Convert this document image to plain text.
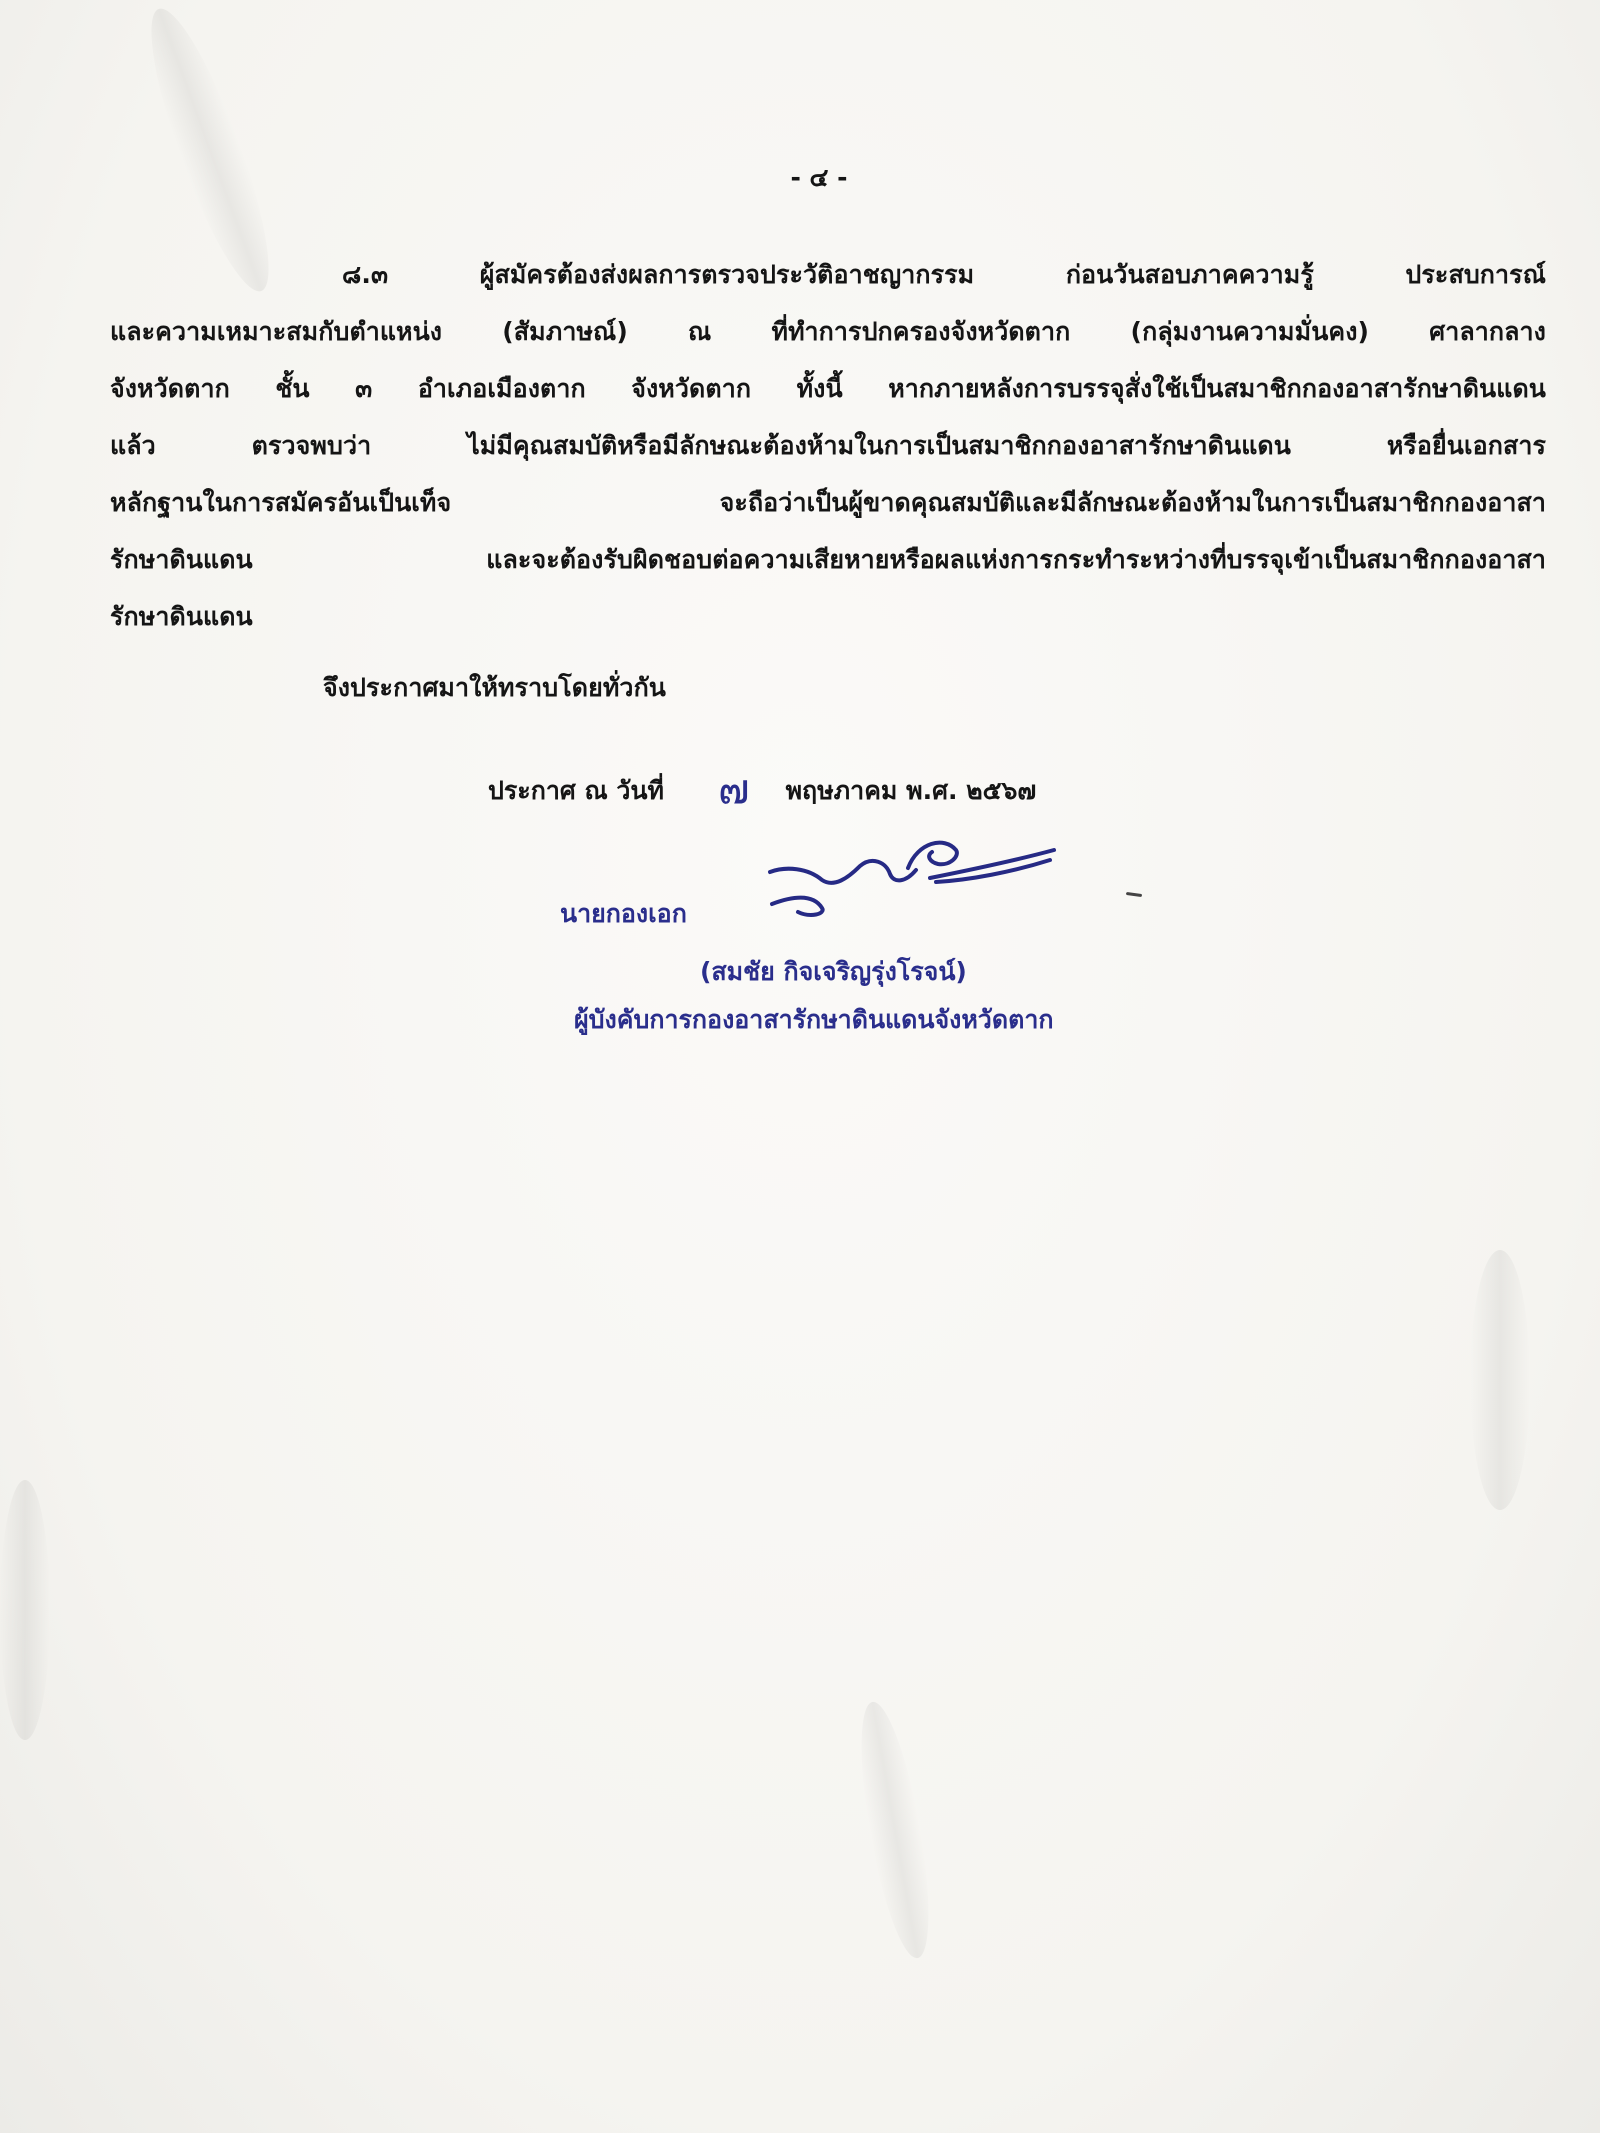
- ๔ -
๘.๓ ผู้สมัครต้องส่งผลการตรวจประวัติอาชญากรรม ก่อนวันสอบภาคความรู้ ประสบการณ์
และความเหมาะสมกับตำแหน่ง (สัมภาษณ์) ณ ที่ทำการปกครองจังหวัดตาก (กลุ่มงานความมั่นคง) ศาลากลาง
จังหวัดตาก ชั้น ๓ อำเภอเมืองตาก จังหวัดตาก ทั้งนี้ หากภายหลังการบรรจุสั่งใช้เป็นสมาชิกกองอาสารักษาดินแดน
แล้ว ตรวจพบว่า ไม่มีคุณสมบัติหรือมีลักษณะต้องห้ามในการเป็นสมาชิกกองอาสารักษาดินแดน หรือยื่นเอกสาร
หลักฐานในการสมัครอันเป็นเท็จ จะถือว่าเป็นผู้ขาดคุณสมบัติและมีลักษณะต้องห้ามในการเป็นสมาชิกกองอาสา
รักษาดินแดน และจะต้องรับผิดชอบต่อความเสียหายหรือผลแห่งการกระทำระหว่างที่บรรจุเข้าเป็นสมาชิกกองอาสา
รักษาดินแดน
จึงประกาศมาให้ทราบโดยทั่วกัน
ประกาศ ณ วันที่ ๗ พฤษภาคม พ.ศ. ๒๕๖๗
นายกองเอก
(สมชัย กิจเจริญรุ่งโรจน์)
ผู้บังคับการกองอาสารักษาดินแดนจังหวัดตาก
